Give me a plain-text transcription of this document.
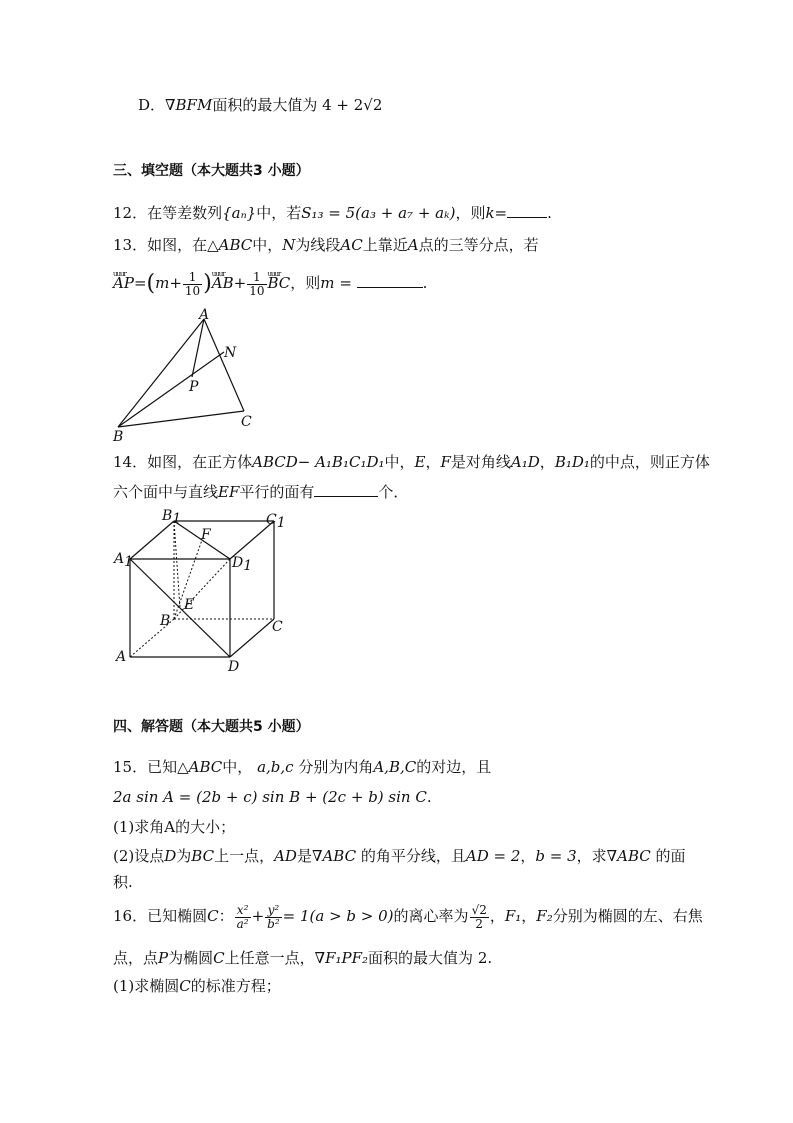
D．∇BFM面积的最大值为 4 + 2√2
三、填空题（本大题共3 小题）
12．在等差数列{aₙ}中，若S₁₃ = 5(a₃ + a₇ + aₖ)，则k=	.
13．如图，在△ABC中，N为线段AC上靠近A点的三等分点，若
uuur $AP=(m+ \frac{1}{10}$ )uuur $AB+ \frac{1}{10}$
uuur BC，则m =	.
A
N
P
B
C
14．如图，在正方体ABCD− A₁B₁C₁D₁中，E，F是对角线A₁D，B₁D₁的中点，则正方体
六个面中与直线EF平行的面有	个．
B1	C1
A1	D1
F
E
B	C
A
D
四、解答题（本大题共5 小题）
15．已知△ABC中， a,b,c 分别为内角A,B,C的对边，且
2a sin A = (2b + c) sin B + (2c + b) sin C.
(1)求角A的大小；
(2)设点D为BC上一点，AD是∇ABC 的角平分线，且AD = 2，b = 3，求∇ABC 的面
积.
16．已知椭圆C： $\frac{\text{x²}}{\text{a²}} + \frac{\text{y²}}{\text{b²}} = 1(a > b > 0)$的离心率为 $\frac{√2}{2}$ ，F₁，F₂分别为椭圆的左、右焦
点，点P为椭圆C上任意一点，∇F₁PF₂面积的最大值为 2.
(1)求椭圆C的标准方程；
